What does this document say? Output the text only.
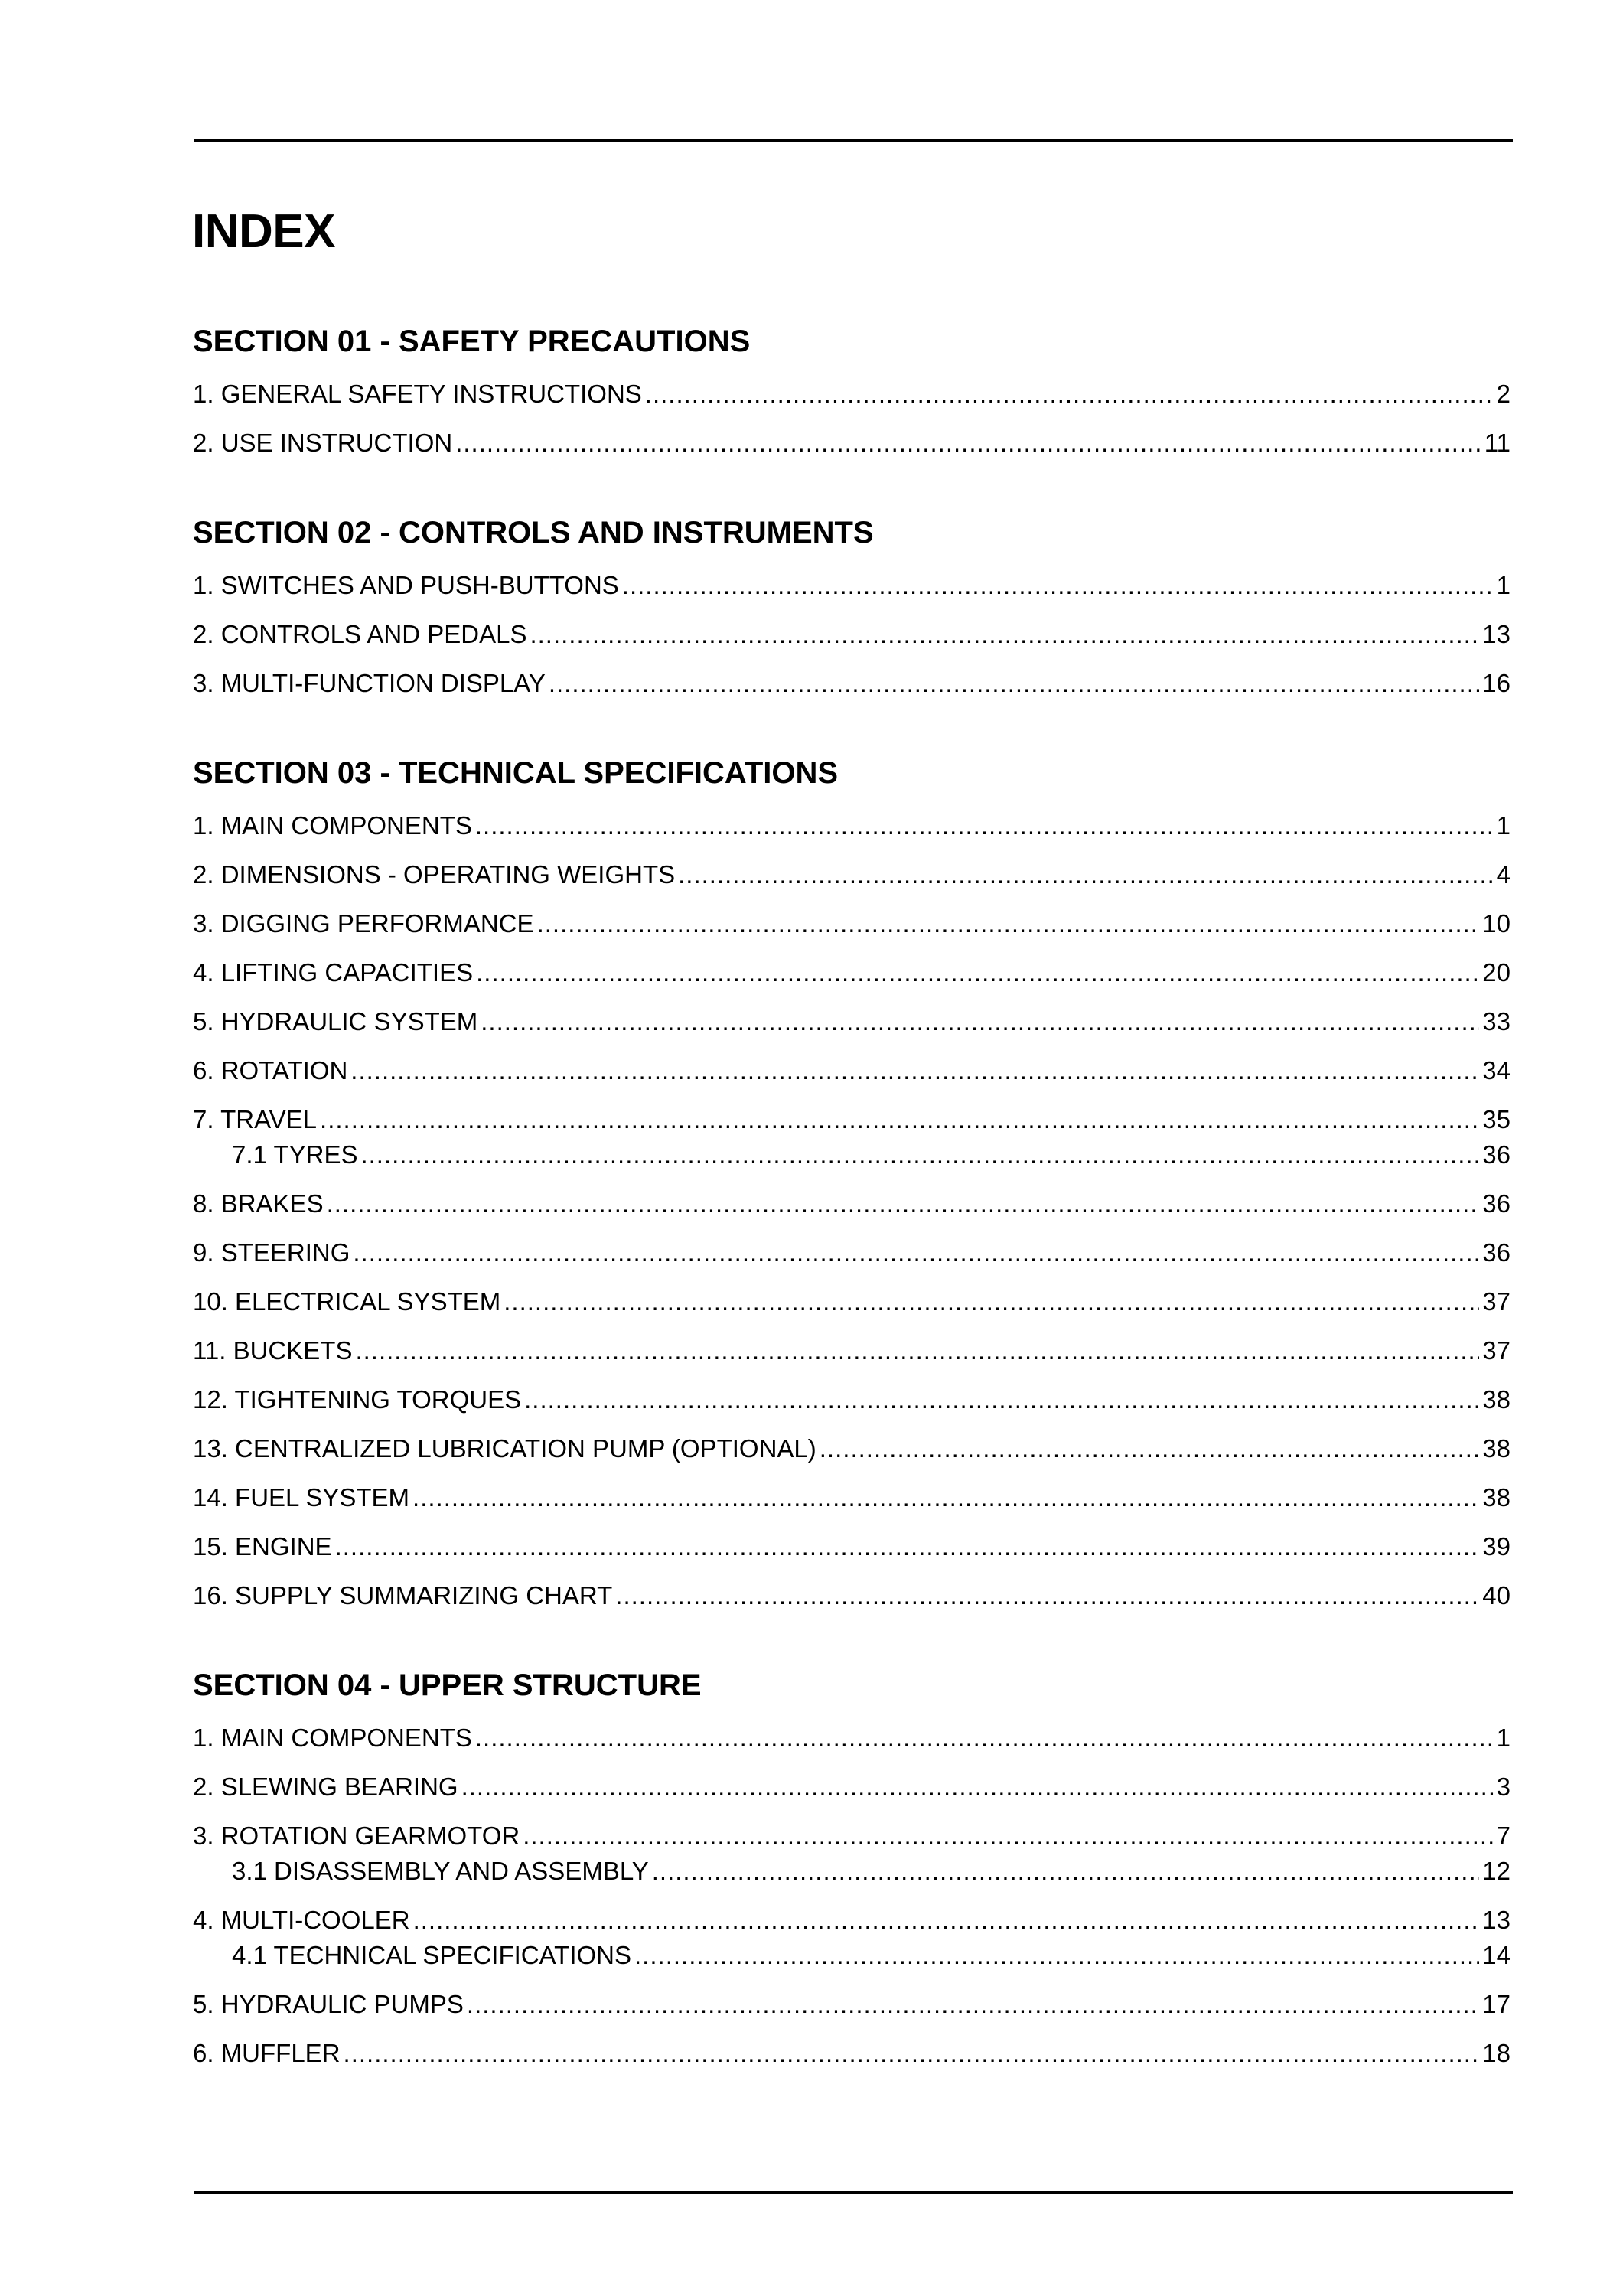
INDEX
SECTION 01 - SAFETY PRECAUTIONS
1. GENERAL SAFETY INSTRUCTIONS .....	2
2. USE INSTRUCTION .....	11
SECTION 02 - CONTROLS AND INSTRUMENTS
1. SWITCHES AND PUSH-BUTTONS .....	1
2. CONTROLS AND PEDALS .....	13
3. MULTI-FUNCTION DISPLAY .....	16
SECTION 03 - TECHNICAL SPECIFICATIONS
1. MAIN COMPONENTS .....	1
2. DIMENSIONS - OPERATING WEIGHTS .....	4
3. DIGGING PERFORMANCE .....	10
4. LIFTING CAPACITIES .....	20
5. HYDRAULIC SYSTEM .....	33
6. ROTATION .....	34
7. TRAVEL .....	35
7.1 TYRES .....	36
8. BRAKES .....	36
9. STEERING .....	36
10. ELECTRICAL SYSTEM .....	37
11. BUCKETS .....	37
12. TIGHTENING TORQUES .....	38
13. CENTRALIZED LUBRICATION PUMP (OPTIONAL) .....	38
14. FUEL SYSTEM .....	38
15. ENGINE .....	39
16. SUPPLY SUMMARIZING CHART .....	40
SECTION 04 - UPPER STRUCTURE
1. MAIN COMPONENTS .....	1
2. SLEWING BEARING .....	3
3. ROTATION GEARMOTOR .....	7
3.1 DISASSEMBLY AND ASSEMBLY .....	12
4. MULTI-COOLER .....	13
4.1 TECHNICAL SPECIFICATIONS .....	14
5. HYDRAULIC PUMPS .....	17
6. MUFFLER .....	18
